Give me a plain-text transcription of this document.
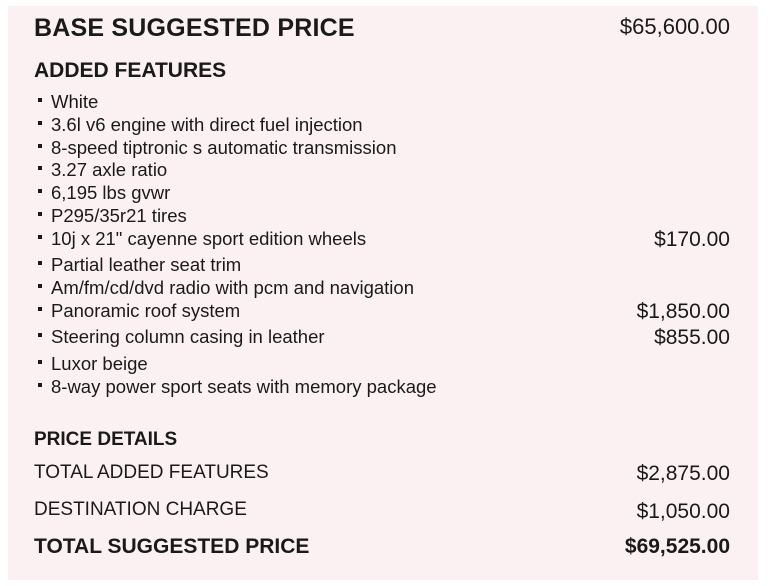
BASE SUGGESTED PRICE	$65,600.00
ADDED FEATURES
White
3.6l v6 engine with direct fuel injection
8-speed tiptronic s automatic transmission
3.27 axle ratio
6,195 lbs gvwr
P295/35r21 tires
10j x 21" cayenne sport edition wheels	$170.00
Partial leather seat trim
Am/fm/cd/dvd radio with pcm and navigation
Panoramic roof system	$1,850.00
Steering column casing in leather	$855.00
Luxor beige
8-way power sport seats with memory package
PRICE DETAILS
TOTAL ADDED FEATURES	$2,875.00
DESTINATION CHARGE	$1,050.00
TOTAL SUGGESTED PRICE	$69,525.00
